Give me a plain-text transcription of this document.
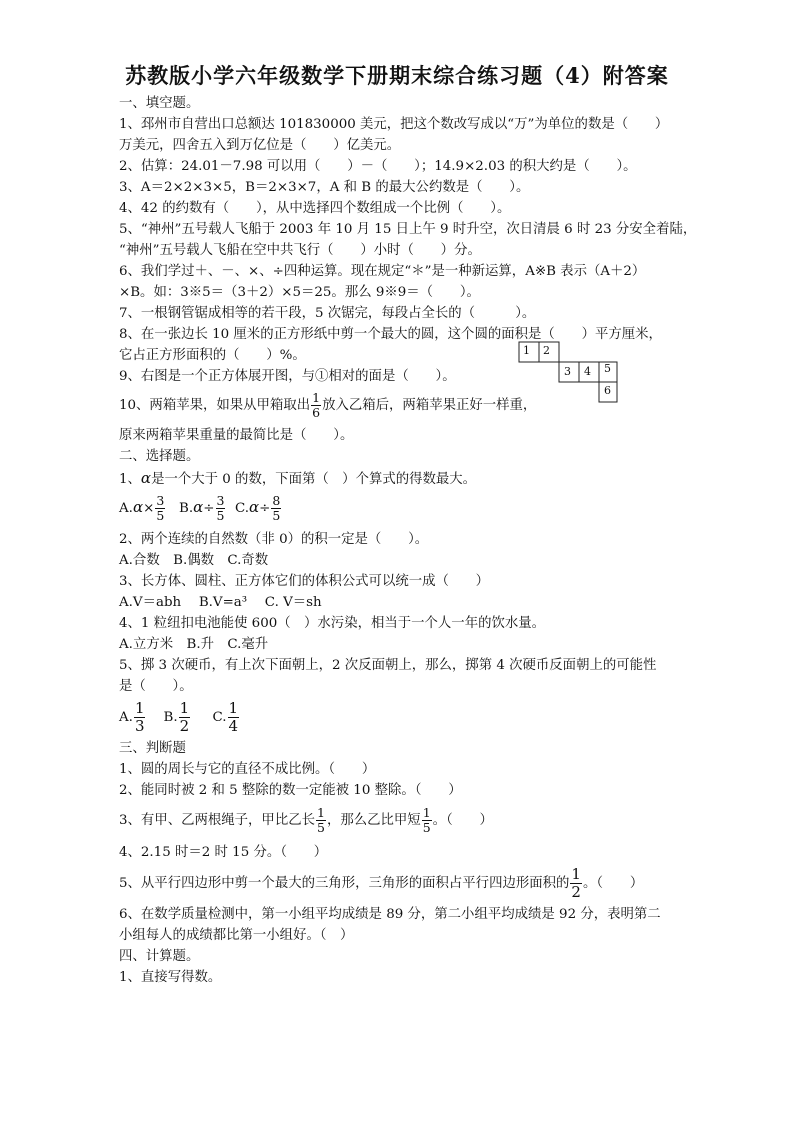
苏教版小学六年级数学下册期末综合练习题（4）附答案
一、填空题。
1、邳州市自营出口总额达 101830000 美元，把这个数改写成以“万”为单位的数是（　　）
万美元，四舍五入到万亿位是（　　）亿美元。
2、估算：24.01－7.98 可以用（　　）－（　　）；14.9×2.03 的积大约是（　　）。
3、A＝2×2×3×5，B＝2×3×7，A 和 B 的最大公约数是（　　）。
4、42 的约数有（　　），从中选择四个数组成一个比例（　　）。
5、“神州”五号载人飞船于 2003 年 10 月 15 日上午 9 时升空，次日清晨 6 时 23 分安全着陆，
“神州”五号载人飞船在空中共飞行（　　）小时（　　）分。
6、我们学过＋、－、×、÷四种运算。现在规定“＊”是一种新运算，A※B 表示（A＋2）
×B。如：3※5＝（3＋2）×5＝25。那么 9※9＝（　　）。
7、一根钢管锯成相等的若干段，5 次锯完，每段占全长的（　　　）。
8、在一张边长 10 厘米的正方形纸中剪一个最大的圆，这个圆的面积是（　　）平方厘米，
它占正方形面积的（　　）%。
9、右图是一个正方体展开图，与①相对的面是（　　）。
1 2
3 4 5
6
10、两箱苹果，如果从甲箱取出 $\frac{1}{6}$ 放入乙箱后，两箱苹果正好一样重，
原来两箱苹果重量的最简比是（　　）。
二、选择题。
1、α是一个大于 0 的数，下面第（　）个算式的得数最大。
$A.\alpha\times \frac{3}{5} B.\alpha\div \frac{3}{5} C.\alpha\div \frac{8}{5}$
2、两个连续的自然数（非 0）的积一定是（　　）。
A.合数　B.偶数　C.奇数
3、长方体、圆柱、正方体它们的体积公式可以统一成（　　）
A.V＝abh　 B.V=a³　 C. V＝sh
4、1 粒纽扣电池能使 600（　）水污染，相当于一个人一年的饮水量。
A.立方米　B.升　C.毫升
5、掷 3 次硬币，有上次下面朝上，2 次反面朝上，那么，掷第 4 次硬币反面朝上的可能性
是（　　）。
A. $\frac{1}{3} B$. $\frac{1}{2} C$. $\frac{1}{4}$
三、判断题
1、圆的周长与它的直径不成比例。（　　）
2、能同时被 2 和 5 整除的数一定能被 10 整除。（　　）
3、有甲、乙两根绳子，甲比乙长 $\frac{1}{5}$ ，那么乙比甲短 $\frac{1}{5}$ 。（　　）
4、2.15 时＝2 时 15 分。（　　）
5、从平行四边形中剪一个最大的三角形，三角形的面积占平行四边形面积的 $\frac{1}{2}$ 。（　　）
6、在数学质量检测中，第一小组平均成绩是 89 分，第二小组平均成绩是 92 分，表明第二
小组每人的成绩都比第一小组好。（　）
四、计算题。
1、直接写得数。
